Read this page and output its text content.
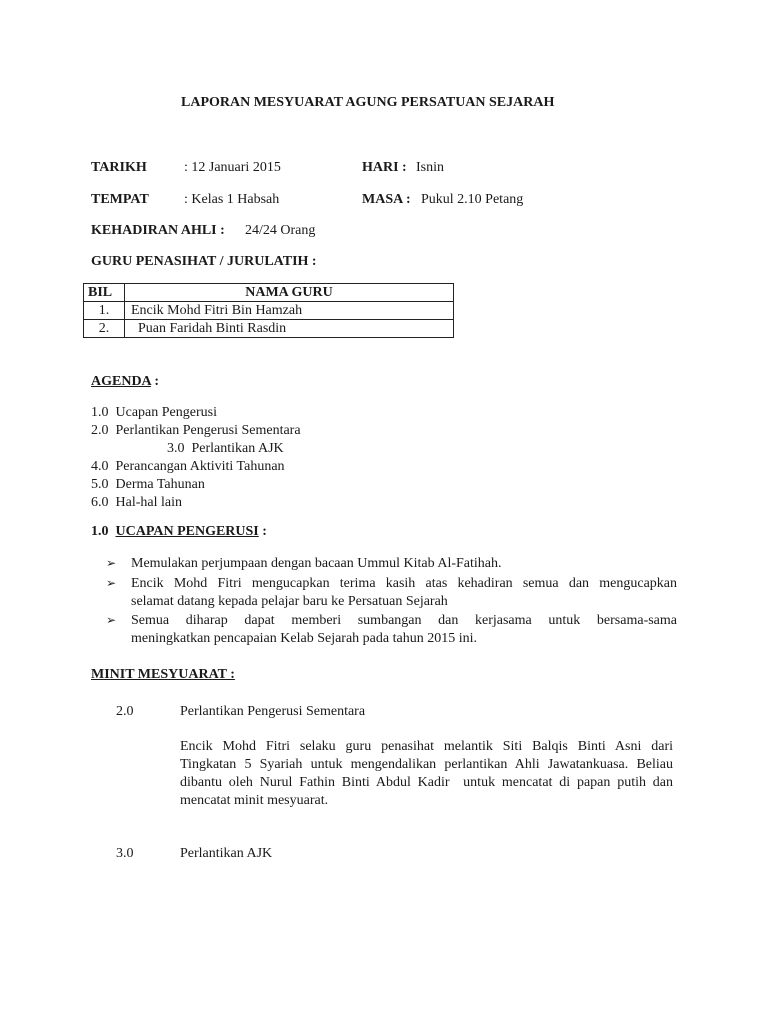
LAPORAN MESYUARAT AGUNG PERSATUAN SEJARAH
TARIKH	: 12 Januari 2015	HARI : Isnin
TEMPAT	: Kelas 1 Habsah	MASA : Pukul 2.10 Petang
KEHADIRAN AHLI : 24/24 Orang
GURU PENASIHAT / JURULATIH :
BIL	NAMA GURU
1.	Encik Mohd Fitri Bin Hamzah
2.	Puan Faridah Binti Rasdin
AGENDA :
1.0  Ucapan Pengerusi
2.0  Perlantikan Pengerusi Sementara
3.0  Perlantikan AJK
4.0  Perancangan Aktiviti Tahunan
5.0  Derma Tahunan
6.0  Hal-hal lain
1.0 UCAPAN PENGERUSI :
➢ Memulakan perjumpaan dengan bacaan Ummul Kitab Al-Fatihah.
➢ Encik Mohd Fitri mengucapkan terima kasih atas kehadiran semua dan mengucapkan
selamat datang kepada pelajar baru ke Persatuan Sejarah
➢ Semua diharap dapat memberi sumbangan dan kerjasama untuk bersama-sama
meningkatkan pencapaian Kelab Sejarah pada tahun 2015 ini.
MINIT MESYUARAT :
2.0	Perlantikan Pengerusi Sementara
Encik Mohd Fitri selaku guru penasihat melantik Siti Balqis Binti Asni dari
Tingkatan 5 Syariah untuk mengendalikan perlantikan Ahli Jawatankuasa. Beliau
dibantu oleh Nurul Fathin Binti Abdul Kadir  untuk mencatat di papan putih dan
mencatat minit mesyuarat.
3.0	Perlantikan AJK
